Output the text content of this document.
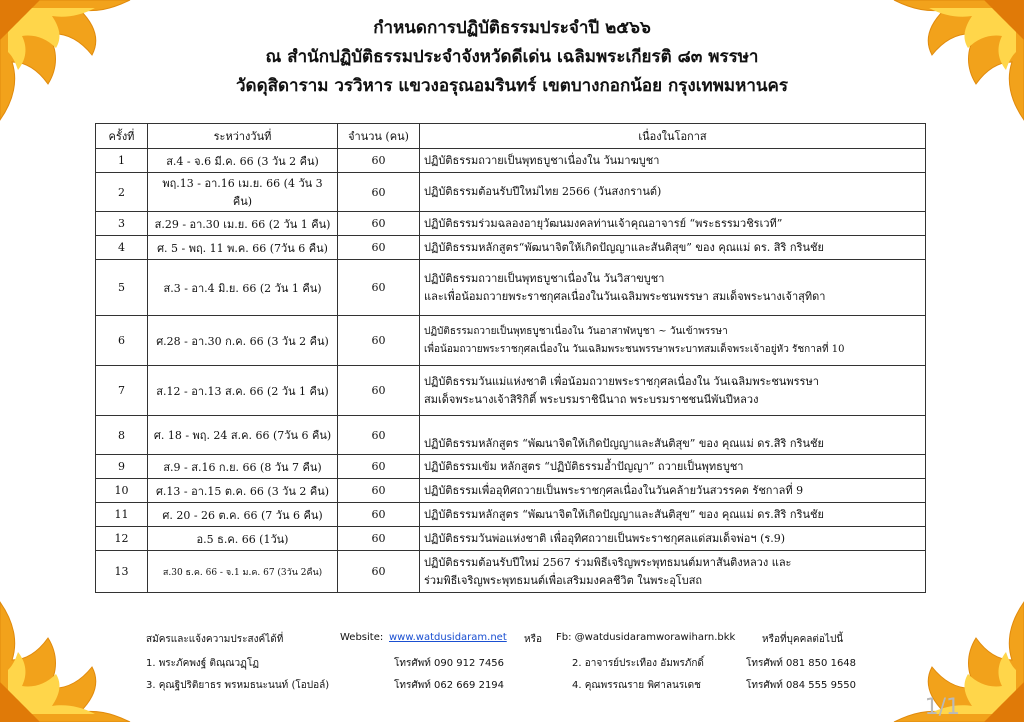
กำหนดการปฏิบัติธรรมประจำปี ๒๕๖๖
ณ สำนักปฏิบัติธรรมประจำจังหวัดดีเด่น เฉลิมพระเกียรติ ๘๓ พรรษา
วัดดุสิดาราม วรวิหาร แขวงอรุณอมรินทร์ เขตบางกอกน้อย กรุงเทพมหานคร
ครั้งที่	ระหว่างวันที่	จำนวน (คน)	เนื่องในโอกาส
1	ส.4 - จ.6 มี.ค. 66 (3 วัน 2 คืน)	60	ปฏิบัติธรรมถวายเป็นพุทธบูชาเนื่องใน วันมาฆบูชา

2	พฤ.13 - อา.16 เม.ย. 66 (4 วัน 3 คืน)	60	ปฏิบัติธรรมต้อนรับปีใหม่ไทย 2566 (วันสงกรานต์)

3	ส.29 - อา.30 เม.ย. 66 (2 วัน 1 คืน)	60	ปฏิบัติธรรมร่วมฉลองอายุวัฒนมงคลท่านเจ้าคุณอาจารย์ “พระธรรมวชิรเวที”

4	ศ. 5 - พฤ. 11 พ.ค. 66 (7วัน 6 คืน)	60	ปฏิบัติธรรมหลักสูตร“พัฒนาจิตให้เกิดปัญญาและสันติสุข” ของ คุณแม่ ดร. สิริ กรินชัย

5	ส.3 - อา.4 มิ.ย. 66 (2 วัน 1 คืน)	60	ปฏิบัติธรรมถวายเป็นพุทธบูชาเนื่องใน วันวิสาขบูชา
และเพื่อน้อมถวายพระราชกุศลเนื่องในวันเฉลิมพระชนพรรษา สมเด็จพระนางเจ้าสุทิดา

6	ศ.28 - อา.30 ก.ค. 66 (3 วัน 2 คืน)	60	ปฏิบัติธรรมถวายเป็นพุทธบูชาเนื่องใน วันอาสาฬหบูชา ~ วันเข้าพรรษา
เพื่อน้อมถวายพระราชกุศลเนื่องใน วันเฉลิมพระชนพรรษาพระบาทสมเด็จพระเจ้าอยู่หัว รัชกาลที่ 10

7	ส.12 - อา.13 ส.ค. 66 (2 วัน 1 คืน)	60	ปฏิบัติธรรมวันแม่แห่งชาติ เพื่อน้อมถวายพระราชกุศลเนื่องใน วันเฉลิมพระชนพรรษา
สมเด็จพระนางเจ้าสิริกิติ์ พระบรมราชินีนาถ พระบรมราชชนนีพันปีหลวง

8	ศ. 18 - พฤ. 24 ส.ค. 66 (7วัน 6 คืน)	60	ปฏิบัติธรรมหลักสูตร “พัฒนาจิตให้เกิดปัญญาและสันติสุข” ของ คุณแม่ ดร.สิริ กรินชัย

9	ส.9 - ส.16 ก.ย. 66 (8 วัน 7 คืน)	60	ปฏิบัติธรรมเข้ม หลักสูตร “ปฏิบัติธรรมอ้ำปัญญา” ถวายเป็นพุทธบูชา

10	ศ.13 - อา.15 ต.ค. 66 (3 วัน 2 คืน)	60	ปฏิบัติธรรมเพื่ออุทิศถวายเป็นพระราชกุศลเนื่องในวันคล้ายวันสวรรคต รัชกาลที่ 9

11	ศ. 20 - 26 ต.ค. 66 (7 วัน 6 คืน)	60	ปฏิบัติธรรมหลักสูตร “พัฒนาจิตให้เกิดปัญญาและสันติสุข” ของ คุณแม่ ดร.สิริ กรินชัย

12	อ.5 ธ.ค. 66 (1วัน)	60	ปฏิบัติธรรมวันพ่อแห่งชาติ เพื่ออุทิศถวายเป็นพระราชกุศลแด่สมเด็จพ่อฯ (ร.9)

13	ส.30 ธ.ค. 66 - จ.1 ม.ค. 67 (3วัน 2คืน)	60	ปฏิบัติธรรมต้อนรับปีใหม่ 2567 ร่วมพิธีเจริญพระพุทธมนต์มหาสันติงหลวง และ
ร่วมพิธีเจริญพระพุทธมนต์เพื่อเสริมมงคลชีวิต ในพระอุโบสถ
สมัครและแจ้งความประสงค์ได้ที่	Website: www.watdusidaram.net หรือ Fb: @watdusidaramworawiharn.bkk	หรือที่บุคคลต่อไปนี้
1. พระภัคพงฐ์ ติณฺณวฏฺโฏ	โทรศัพท์ 090 912 7456	2. อาจารย์ประเทือง อัมพรภักดิ์	โทรศัพท์ 081 850 1648
3. คุณฐิปริติยาธร พรหมธนะนนท์ (โอปอล์)	โทรศัพท์ 062 669 2194	4. คุณพรรณราย พิศาลนรเดช	โทรศัพท์ 084 555 9550
1/1
